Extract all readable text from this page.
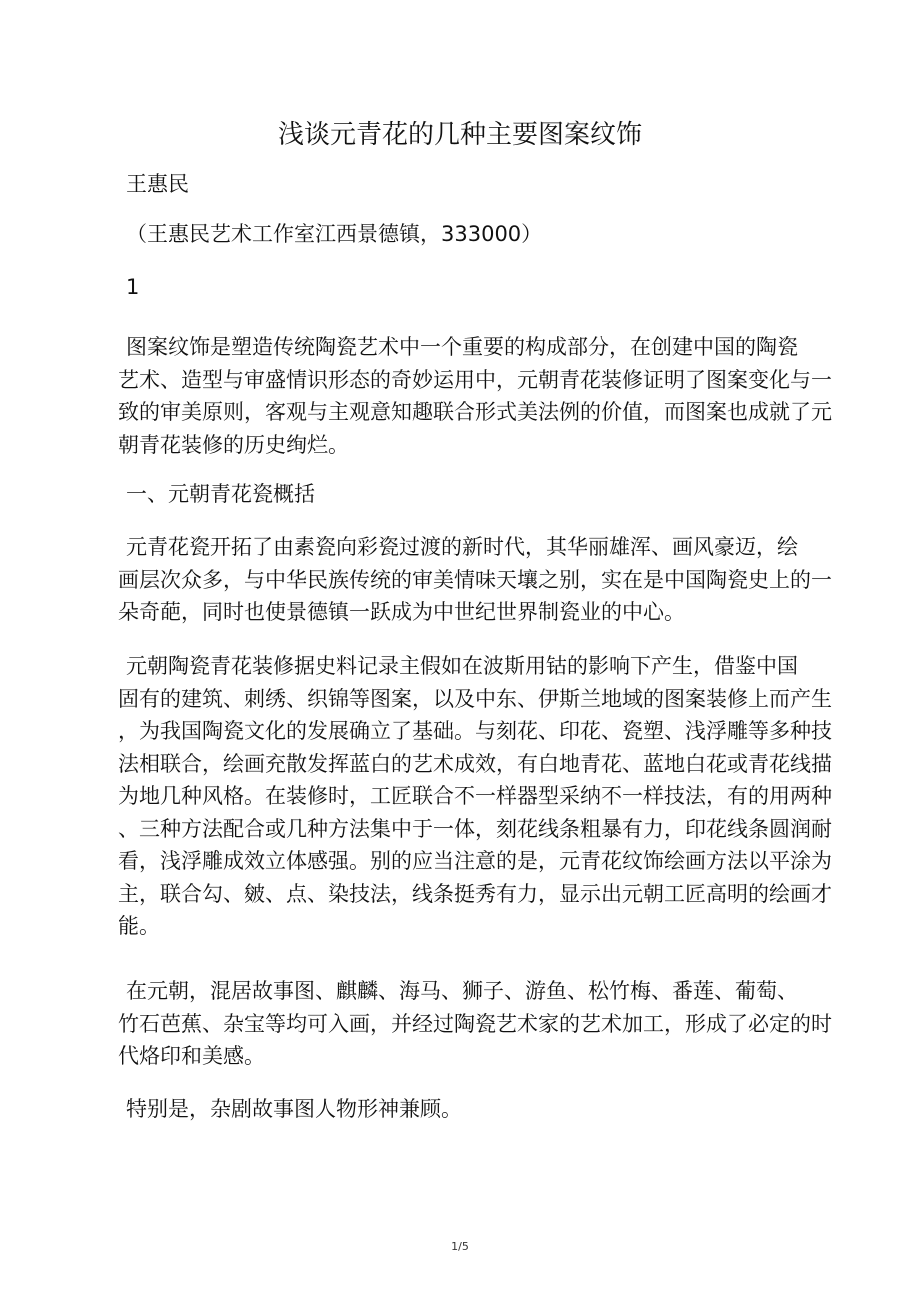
浅谈元青花的几种主要图案纹饰
王惠民
（王惠民艺术工作室江西景德镇，333000）
1
图案纹饰是塑造传统陶瓷艺术中一个重要的构成部分，在创建中国的陶瓷
艺术、造型与审盛情识形态的奇妙运用中，元朝青花装修证明了图案变化与一
致的审美原则，客观与主观意知趣联合形式美法例的价值，而图案也成就了元
朝青花装修的历史绚烂。
一、元朝青花瓷概括
元青花瓷开拓了由素瓷向彩瓷过渡的新时代，其华丽雄浑、画风豪迈，绘
画层次众多，与中华民族传统的审美情味天壤之别，实在是中国陶瓷史上的一
朵奇葩，同时也使景德镇一跃成为中世纪世界制瓷业的中心。
元朝陶瓷青花装修据史料记录主假如在波斯用钴的影响下产生，借鉴中国
固有的建筑、刺绣、织锦等图案，以及中东、伊斯兰地域的图案装修上而产生
，为我国陶瓷文化的发展确立了基础。与刻花、印花、瓷塑、浅浮雕等多种技
法相联合，绘画充散发挥蓝白的艺术成效，有白地青花、蓝地白花或青花线描
为地几种风格。在装修时，工匠联合不一样器型采纳不一样技法，有的用两种
、三种方法配合或几种方法集中于一体，刻花线条粗暴有力，印花线条圆润耐
看，浅浮雕成效立体感强。别的应当注意的是，元青花纹饰绘画方法以平涂为
主，联合勾、皴、点、染技法，线条挺秀有力，显示出元朝工匠高明的绘画才
能。
在元朝，混居故事图、麒麟、海马、狮子、游鱼、松竹梅、番莲、葡萄、
竹石芭蕉、杂宝等均可入画，并经过陶瓷艺术家的艺术加工，形成了必定的时
代烙印和美感。
特别是，杂剧故事图人物形神兼顾。
1/5
